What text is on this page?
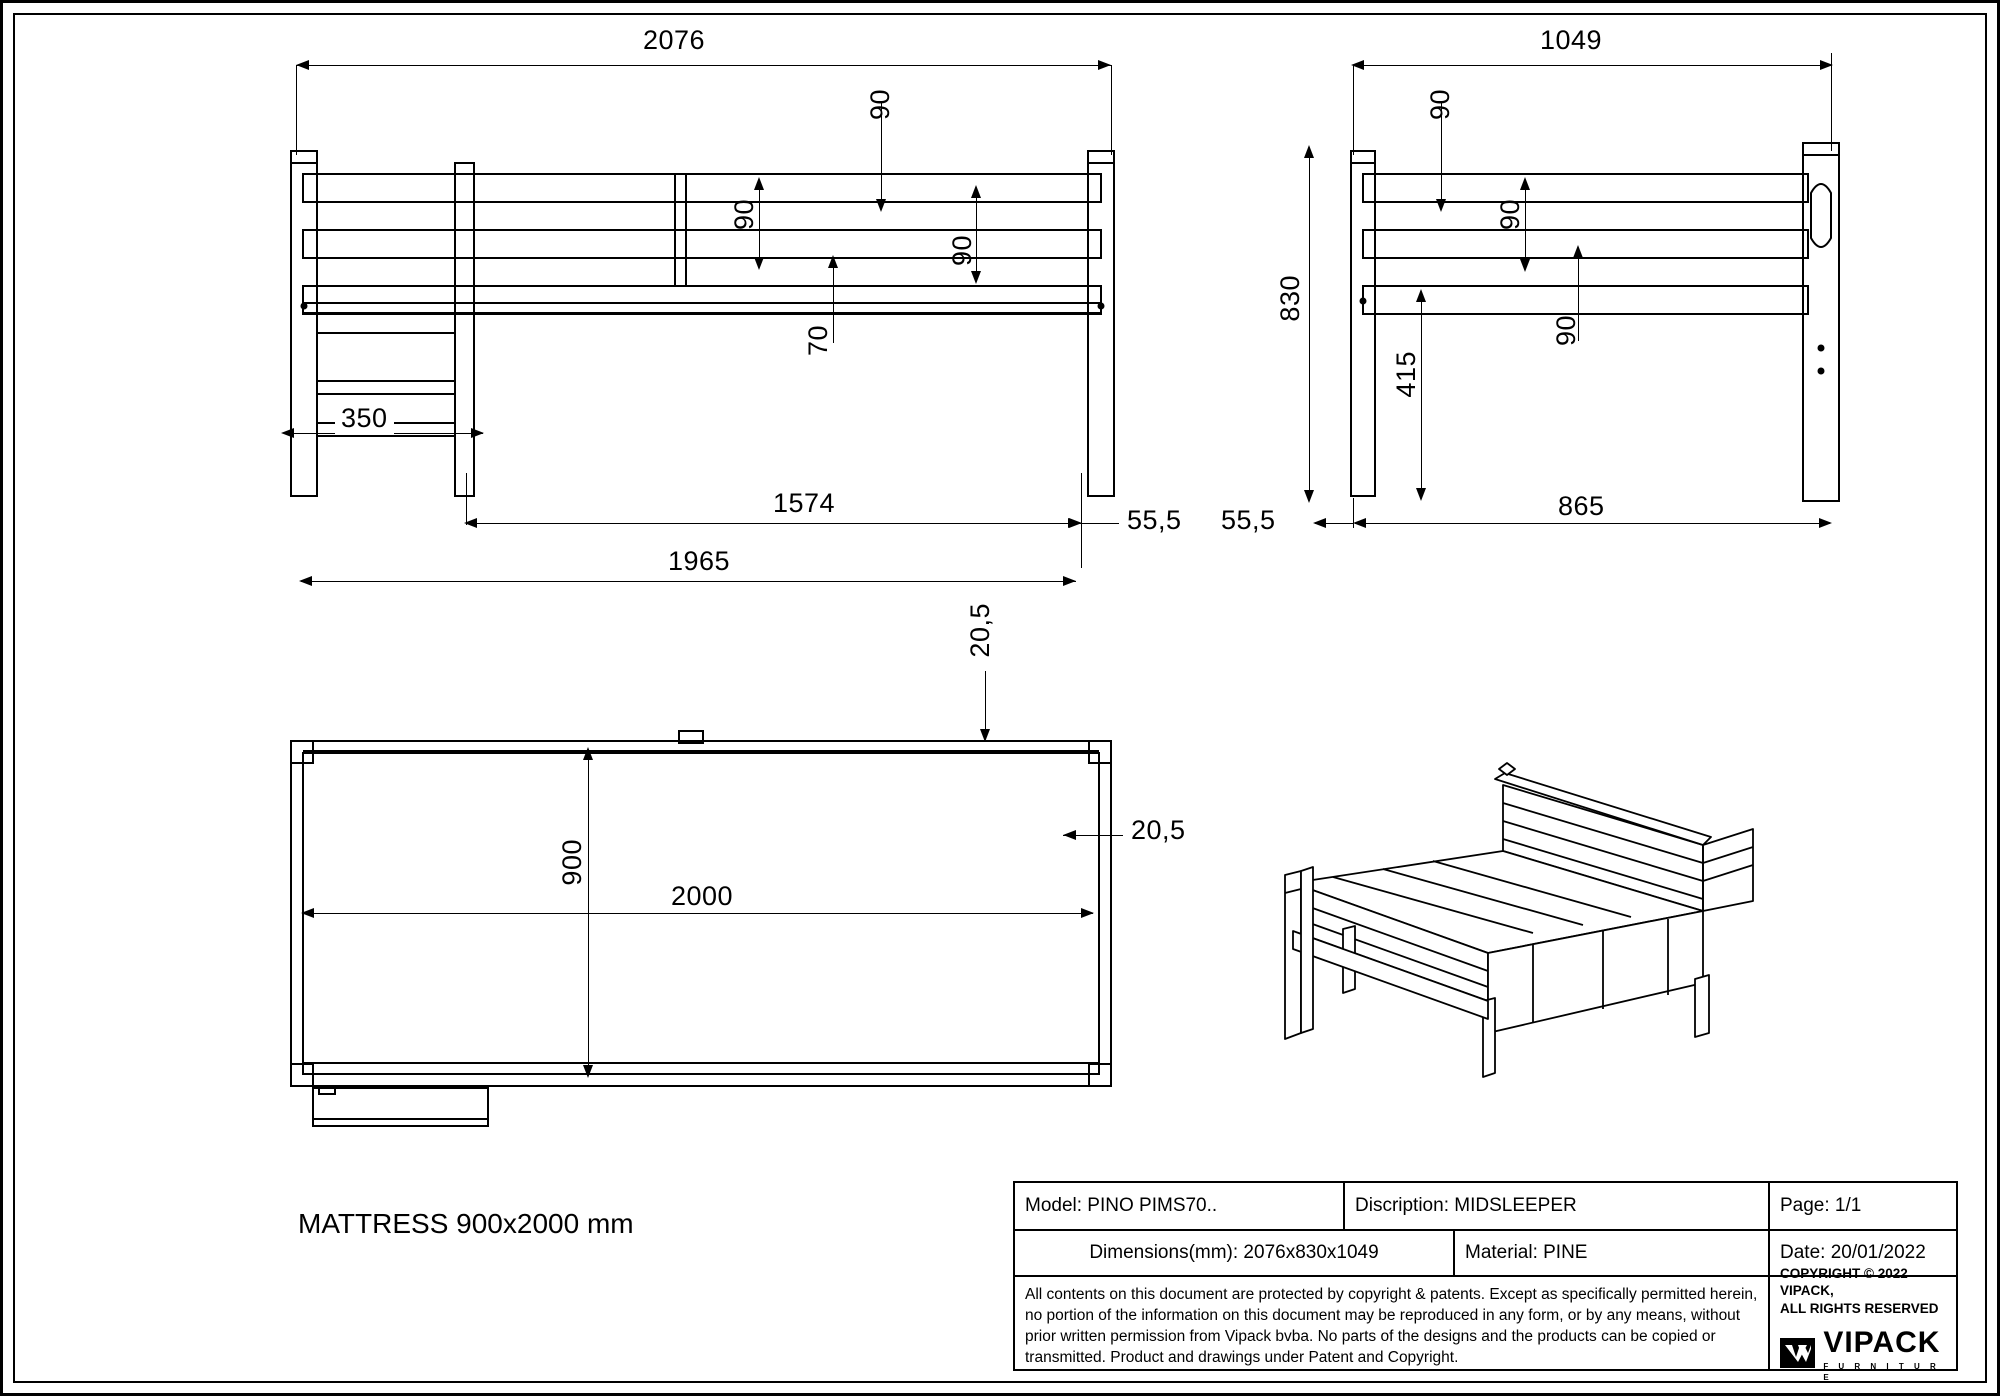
2076
90
90
70
90
350
1574
55,5
1965
1049
90
90
90
830
415
55,5	865
20,5
20,5
900
2000
MATTRESS 900x2000 mm
Model: PINO PIMS70..	Discription: MIDSLEEPER	Page: 1/1
Dimensions(mm): 2076x830x1049	Material: PINE	Date: 20/01/2022
All contents on this document are protected by copyright & patents. Except as specifically permitted herein, no portion of the information on this document may be reproduced in any form, or by any means, without prior written permission from Vipack bvba. No parts of the designs and the products can be copied or transmitted. Product and drawings under Patent and Copyright.
COPYRIGHT © 2022 VIPACK,
ALL RIGHTS RESERVED
VIPACK
F U R N I T U R E
